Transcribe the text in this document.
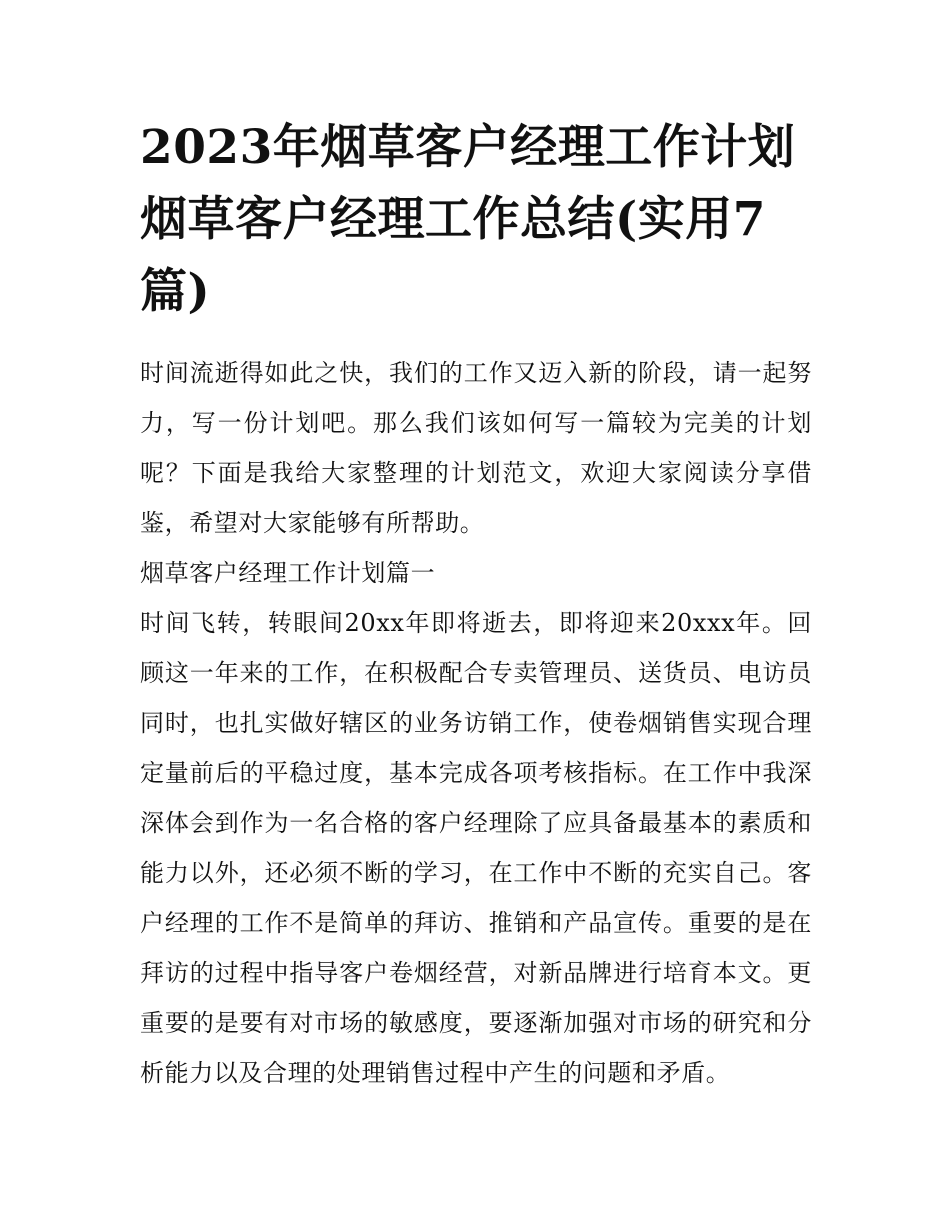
2023年烟草客户经理工作计划 烟草客户经理工作总结(实用7篇)

时间流逝得如此之快，我们的工作又迈入新的阶段，请一起努力，写一份计划吧。那么我们该如何写一篇较为完美的计划呢？下面是我给大家整理的计划范文，欢迎大家阅读分享借鉴，希望对大家能够有所帮助。

烟草客户经理工作计划篇一

时间飞转，转眼间20xx年即将逝去，即将迎来20xxx年。回顾这一年来的工作，在积极配合专卖管理员、送货员、电访员同时，也扎实做好辖区的业务访销工作，使卷烟销售实现合理定量前后的平稳过度，基本完成各项考核指标。在工作中我深深体会到作为一名合格的客户经理除了应具备最基本的素质和能力以外，还必须不断的学习，在工作中不断的充实自己。客户经理的工作不是简单的拜访、推销和产品宣传。重要的是在拜访的过程中指导客户卷烟经营，对新品牌进行培育本文。更重要的是要有对市场的敏感度，要逐渐加强对市场的研究和分析能力以及合理的处理销售过程中产生的问题和矛盾。
